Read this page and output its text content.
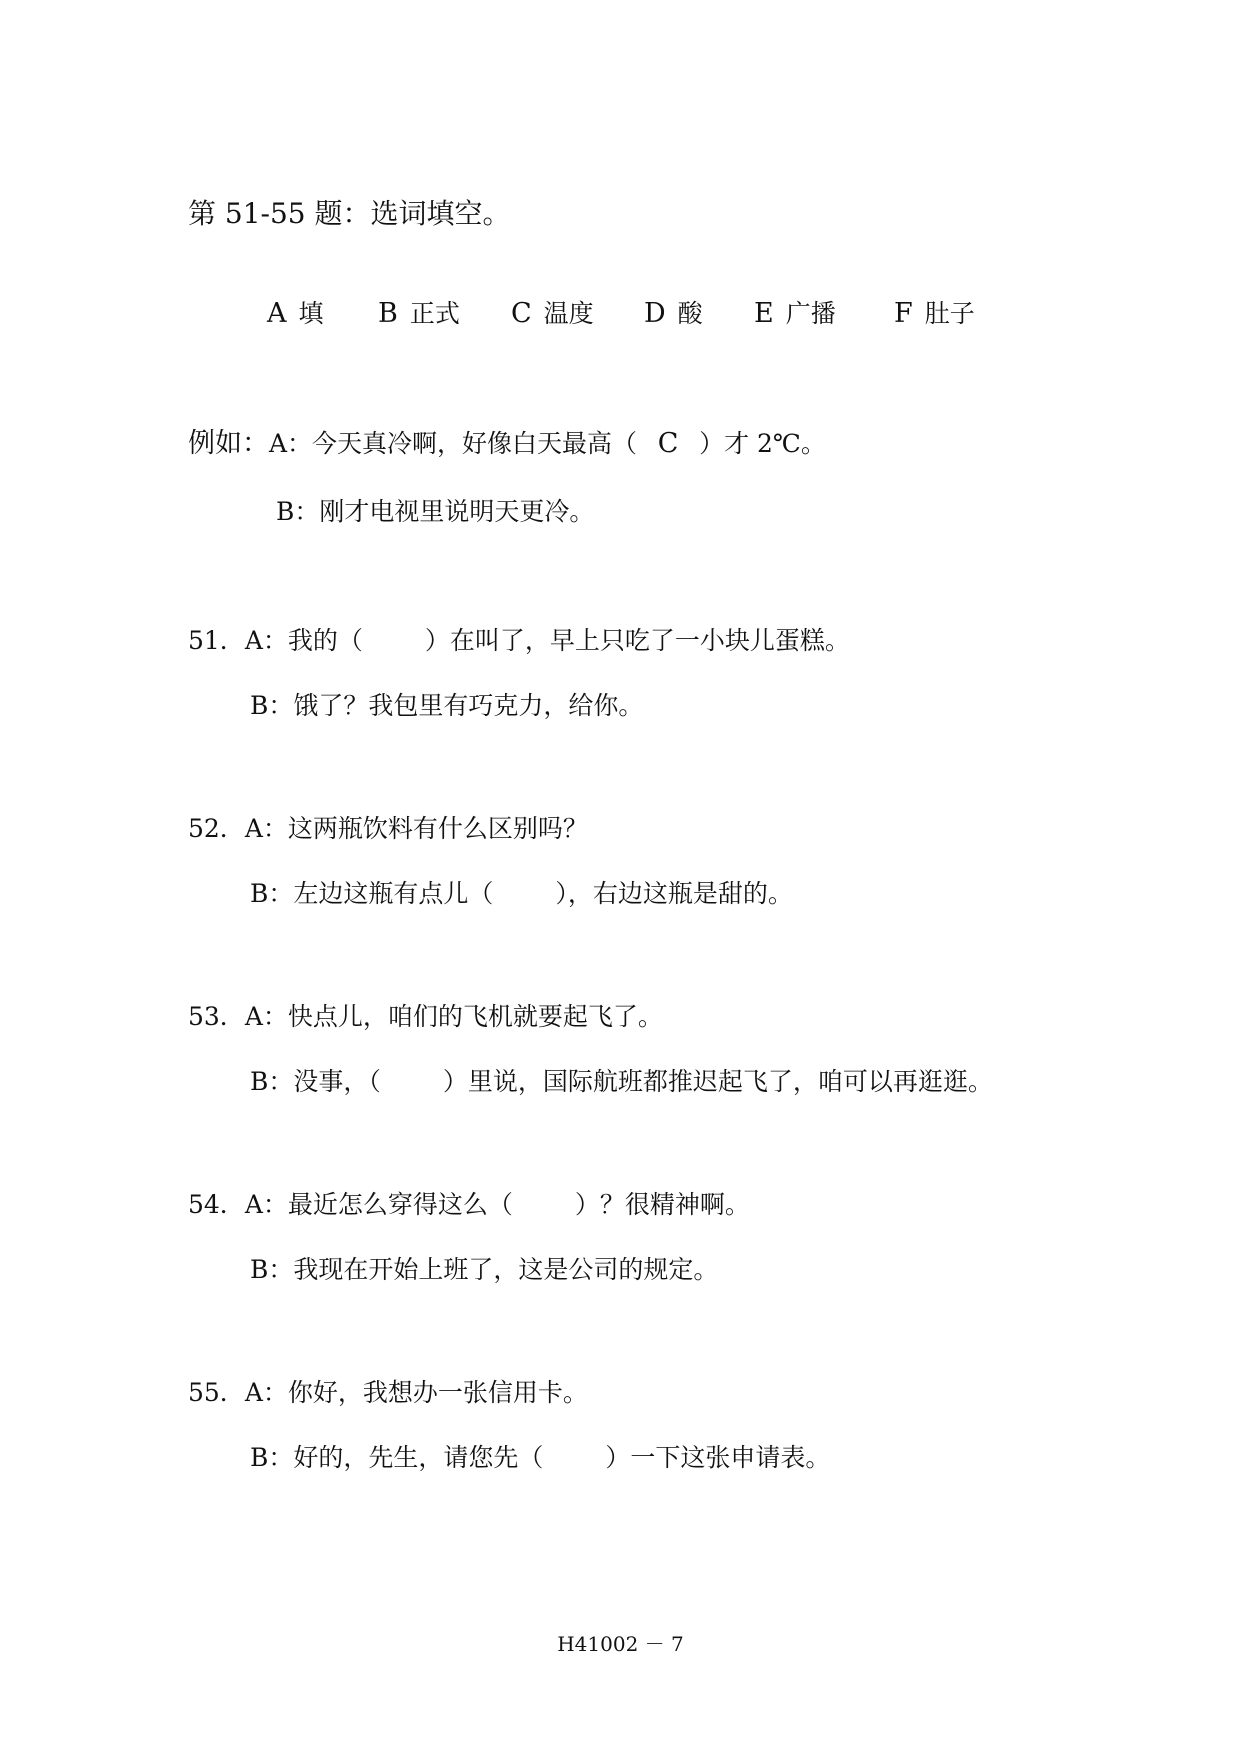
第 51-55 题：选词填空。
A 填 B 正式 C 温度 D 酸 E 广播 F 肚子
例如：A：今天真冷啊，好像白天最高（ C ）才 2℃。
B：刚才电视里说明天更冷。
51．A：我的（ ）在叫了，早上只吃了一小块儿蛋糕。
B：饿了？我包里有巧克力，给你。
52．A：这两瓶饮料有什么区别吗？
B：左边这瓶有点儿（ ），右边这瓶是甜的。
53．A：快点儿，咱们的飞机就要起飞了。
B：没事，（ ）里说，国际航班都推迟起飞了，咱可以再逛逛。
54．A：最近怎么穿得这么（ ）？很精神啊。
B：我现在开始上班了，这是公司的规定。
55．A：你好，我想办一张信用卡。
B：好的，先生，请您先（ ）一下这张申请表。
H41002 － 7
